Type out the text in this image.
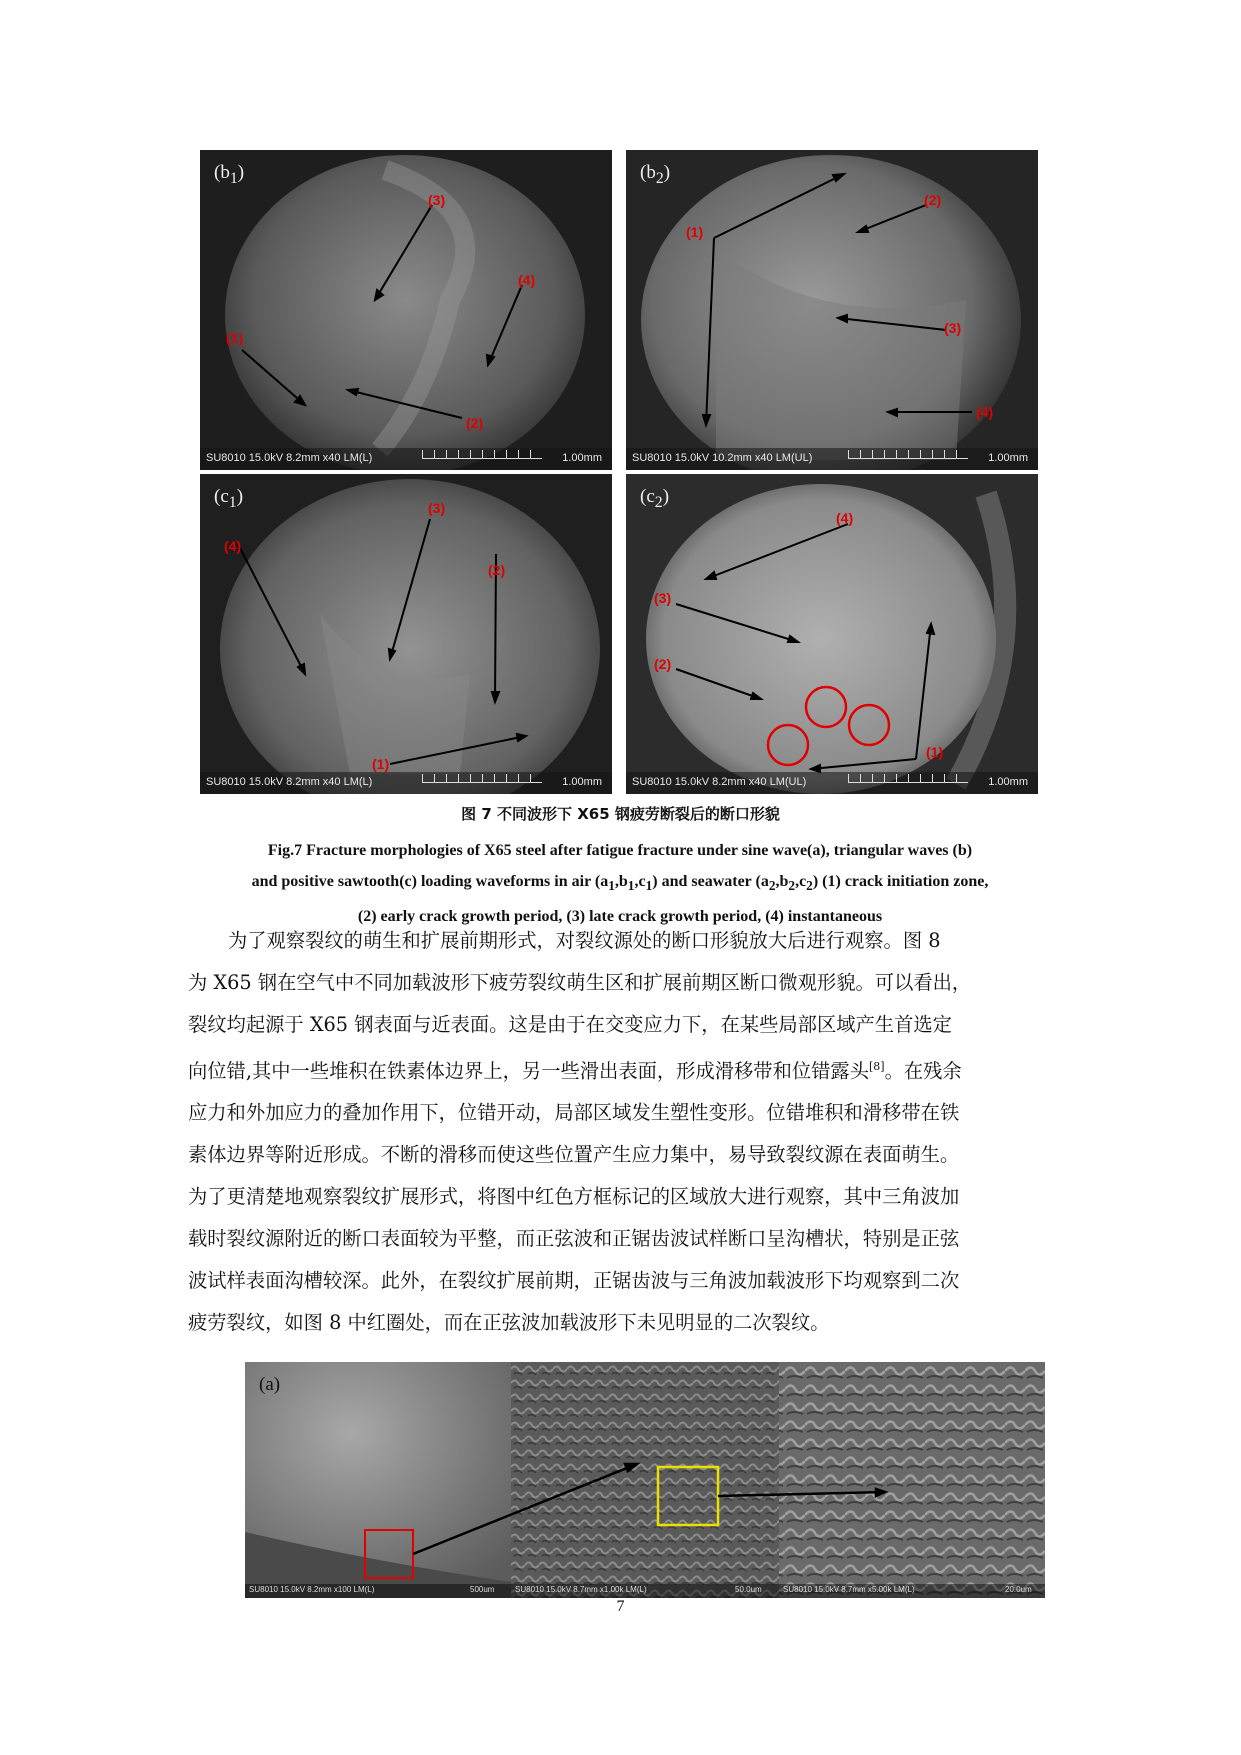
$(b_1)$
(3)
(4)
(1)
(2)
SU8010 15.0kV 8.2mm x40 LM(L)	1.00mm
$(b_2)$
(2)
(1)
(3)
(4)
SU8010 15.0kV 10.2mm x40 LM(UL)	1.00mm
$(c_1)$
(3)
(4)
(2)
(1)
SU8010 15.0kV 8.2mm x40 LM(L)	1.00mm
$(c_2)$
(4)
(3)
(2)
(1)
SU8010 15.0kV 8.2mm x40 LM(UL)	1.00mm
图 7 不同波形下 X65 钢疲劳断裂后的断口形貌
Fig.7 Fracture morphologies of X65 steel after fatigue fracture under sine wave(a), triangular waves (b)
and positive sawtooth(c) loading waveforms in air $(a_1,b_1,c_1)$ and seawater $(a_2,b_2,c_2)$ (1) crack initiation zone,
(2) early crack growth period, (3) late crack growth period, (4) instantaneous
为了观察裂纹的萌生和扩展前期形式，对裂纹源处的断口形貌放大后进行观察。图 8
为 X65 钢在空气中不同加载波形下疲劳裂纹萌生区和扩展前期区断口微观形貌。可以看出，
裂纹均起源于 X65 钢表面与近表面。这是由于在交变应力下，在某些局部区域产生首选定
向位错,其中一些堆积在铁素体边界上，另一些滑出表面，形成滑移带和位错露头[8]。在残余
应力和外加应力的叠加作用下，位错开动，局部区域发生塑性变形。位错堆积和滑移带在铁
素体边界等附近形成。不断的滑移而使这些位置产生应力集中，易导致裂纹源在表面萌生。
为了更清楚地观察裂纹扩展形式，将图中红色方框标记的区域放大进行观察，其中三角波加
载时裂纹源附近的断口表面较为平整，而正弦波和正锯齿波试样断口呈沟槽状，特别是正弦
波试样表面沟槽较深。此外，在裂纹扩展前期，正锯齿波与三角波加载波形下均观察到二次
疲劳裂纹，如图 8 中红圈处，而在正弦波加载波形下未见明显的二次裂纹。
(a)
SU8010 15.0kV 8.2mm x100 LM(L)	500um	SU8010 15.0kV 8.7mm x1.00k LM(L)	50.0um	SU8010 15.0kV 8.7mm x5.00k LM(L)	20.0um
7
